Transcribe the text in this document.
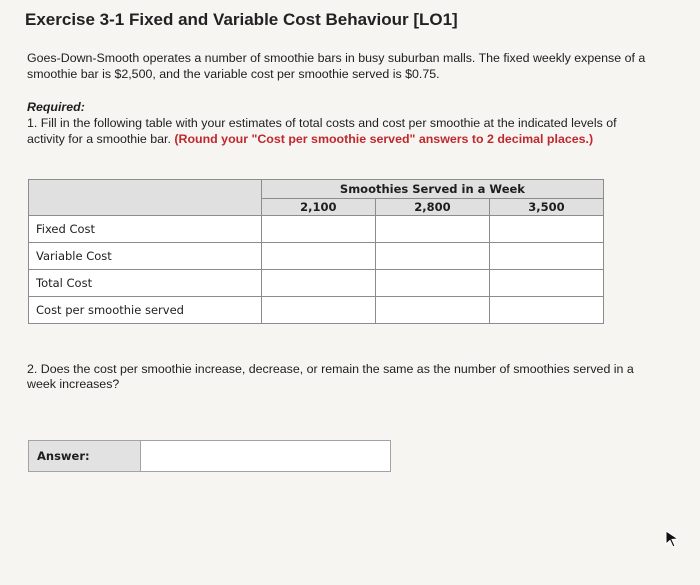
Exercise 3-1 Fixed and Variable Cost Behaviour [LO1]

Goes-Down-Smooth operates a number of smoothie bars in busy suburban malls. The fixed weekly expense of a smoothie bar is $2,500, and the variable cost per smoothie served is $0.75.

Required:

1. Fill in the following table with your estimates of total costs and cost per smoothie at the indicated levels of activity for a smoothie bar. (Round your "Cost per smoothie served" answers to 2 decimal places.)

	Smoothies Served in a Week		
	2,100	2,800	3,500
Fixed Cost			
Variable Cost			
Total Cost			
Cost per smoothie served			

2. Does the cost per smoothie increase, decrease, or remain the same as the number of smoothies served in a week increases?

Answer:
